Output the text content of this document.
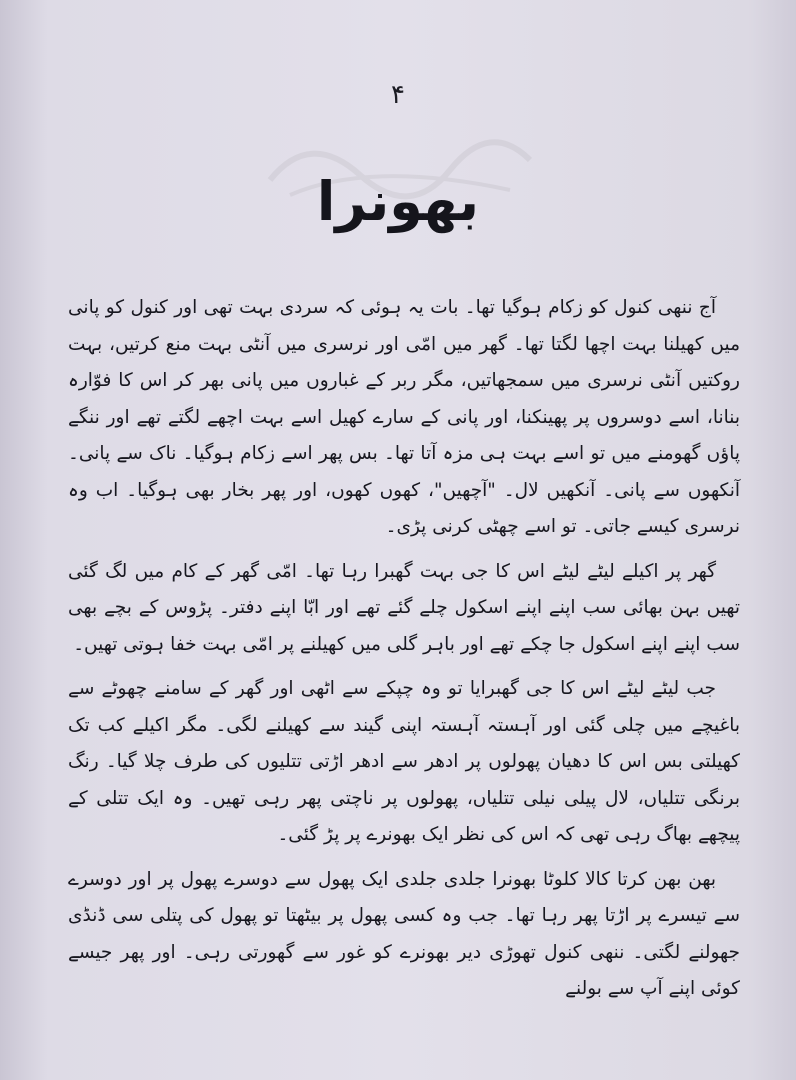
۴
بھونرا

آج ننھی کنول کو زکام ہوگیا تھا۔ بات یہ ہوئی کہ سردی بہت تھی اور کنول کو پانی میں کھیلنا بہت اچھا لگتا تھا۔ گھر میں امّی اور نرسری میں آنٹی بہت منع کرتیں، بہت روکتیں آنٹی نرسری میں سمجھاتیں، مگر ربر کے غباروں میں پانی بھر کر اس کا فوّارہ بنانا، اسے دوسروں پر پھینکنا، اور پانی کے سارے کھیل اسے بہت اچھے لگتے تھے اور ننگے پاؤں گھومنے میں تو اسے بہت ہی مزہ آتا تھا۔ بس پھر اسے زکام ہوگیا۔ ناک سے پانی۔ آنکھوں سے پانی۔ آنکھیں لال۔ "آچھیں"، کھوں کھوں، اور پھر بخار بھی ہوگیا۔ اب وہ نرسری کیسے جاتی۔ تو اسے چھٹی کرنی پڑی۔

گھر پر اکیلے لیٹے لیٹے اس کا جی بہت گھبرا رہا تھا۔ امّی گھر کے کام میں لگ گئی تھیں بہن بھائی سب اپنے اپنے اسکول چلے گئے تھے اور ابّا اپنے دفتر۔ پڑوس کے بچے بھی سب اپنے اپنے اسکول جا چکے تھے اور باہر گلی میں کھیلنے پر امّی بہت خفا ہوتی تھیں۔

جب لیٹے لیٹے اس کا جی گھبرایا تو وہ چپکے سے اٹھی اور گھر کے سامنے چھوٹے سے باغیچے میں چلی گئی اور آہستہ آہستہ اپنی گیند سے کھیلنے لگی۔ مگر اکیلے کب تک کھیلتی بس اس کا دھیان پھولوں پر ادھر سے ادھر اڑتی تتلیوں کی طرف چلا گیا۔ رنگ برنگی تتلیاں، لال پیلی نیلی تتلیاں، پھولوں پر ناچتی پھر رہی تھیں۔ وہ ایک تتلی کے پیچھے بھاگ رہی تھی کہ اس کی نظر ایک بھونرے پر پڑ گئی۔

بھن بھن کرتا کالا کلوٹا بھونرا جلدی جلدی ایک پھول سے دوسرے پھول پر اور دوسرے سے تیسرے پر اڑتا پھر رہا تھا۔ جب وہ کسی پھول پر بیٹھتا تو پھول کی پتلی سی ڈنڈی جھولنے لگتی۔ ننھی کنول تھوڑی دیر بھونرے کو غور سے گھورتی رہی۔ اور پھر جیسے کوئی اپنے آپ سے بولنے
